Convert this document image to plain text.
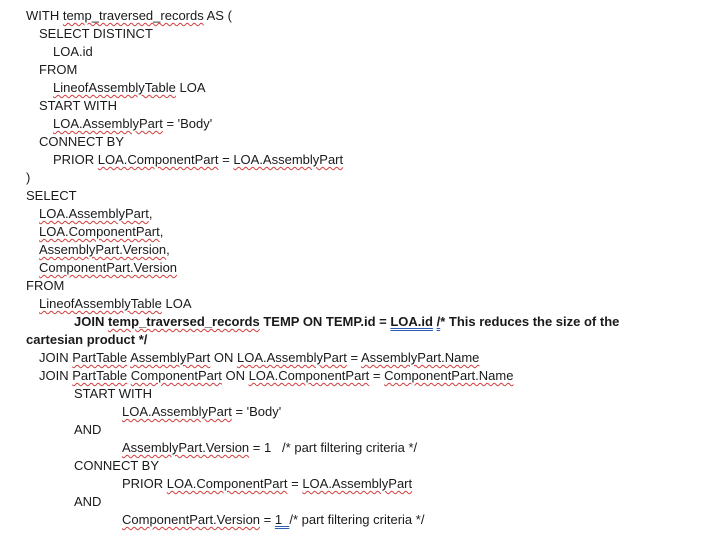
WITH temp_traversed_records AS (
SELECT DISTINCT
LOA.id
FROM
LineofAssemblyTable LOA
START WITH
LOA.AssemblyPart = 'Body'
CONNECT BY
PRIOR LOA.ComponentPart = LOA.AssemblyPart
)
SELECT
LOA.AssemblyPart,
LOA.ComponentPart,
AssemblyPart.Version,
ComponentPart.Version
FROM
LineofAssemblyTable LOA
JOIN temp_traversed_records TEMP ON TEMP.id = LOA.id /* This reduces the size of the
cartesian product */
JOIN PartTable AssemblyPart ON LOA.AssemblyPart = AssemblyPart.Name
JOIN PartTable ComponentPart ON LOA.ComponentPart = ComponentPart.Name
START WITH
LOA.AssemblyPart = 'Body'
AND
AssemblyPart.Version = 1   /* part filtering criteria */
CONNECT BY
PRIOR LOA.ComponentPart = LOA.AssemblyPart
AND
ComponentPart.Version = 1  /* part filtering criteria */
